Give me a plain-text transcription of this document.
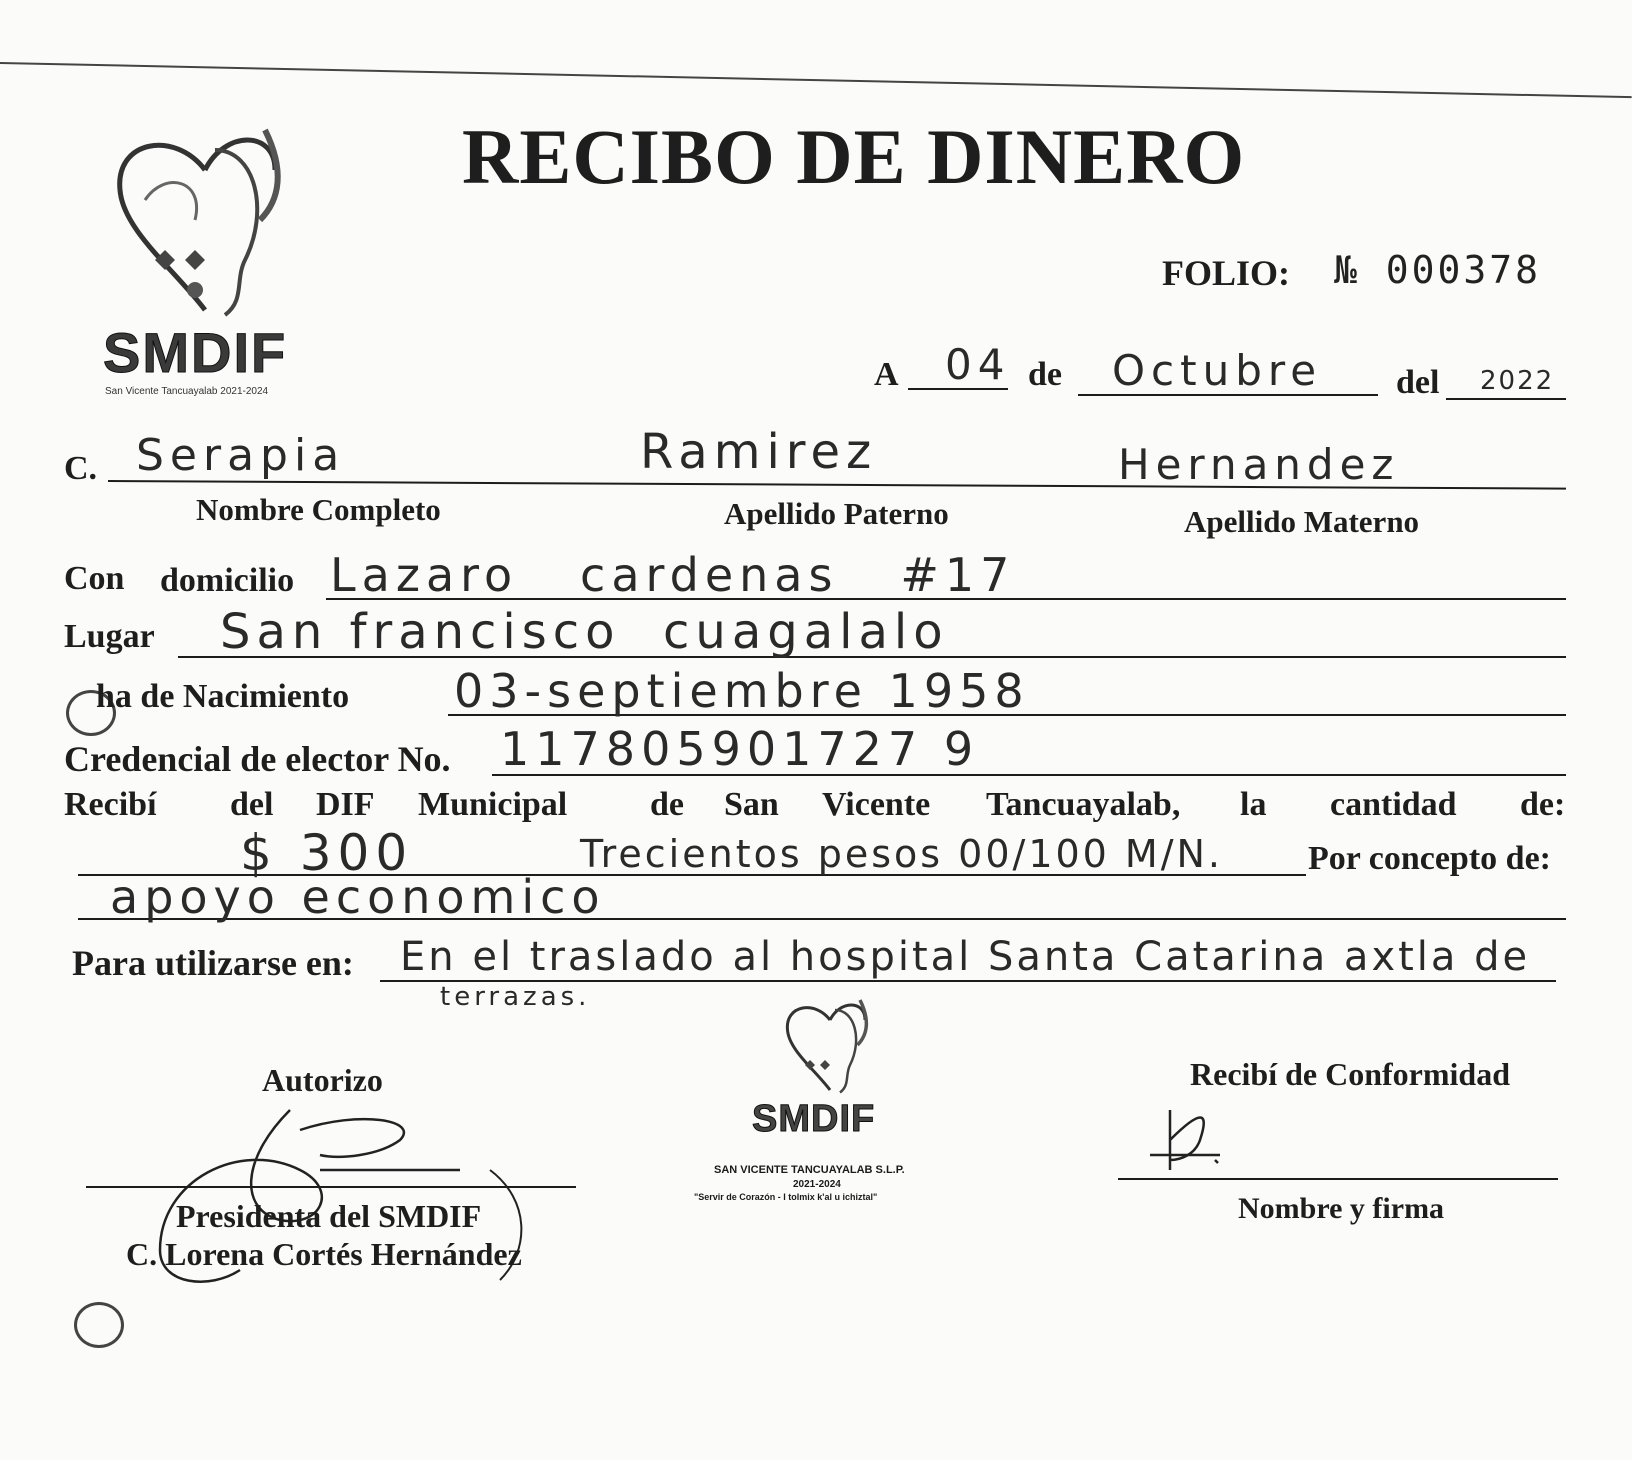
SMDIF
San Vicente Tancuayalab 2021-2024
RECIBO DE DINERO
FOLIO: № 000378
A 04 de Octubre del 2022
C. Serapia	Ramirez	Hernandez
Nombre Completo	Apellido Paterno	Apellido Materno
Con domicilio Lazaro   cardenas   #17
Lugar San francisco  cuagalalo
ha de Nacimiento 03-septiembre 1958
Credencial de elector No. 117805901727 9
Recibí del DIF Municipal de San Vicente Tancuayalab, la cantidad de:
$ 300	Trecientos pesos 00/100 M/N. Por concepto de:
apoyo economico
Para utilizarse en: En el traslado al hospital Santa Catarina axtla de
terrazas.
SMDIF
SAN VICENTE TANCUAYALAB S.L.P.
2021-2024
"Servir de Corazón - I tolmix k'al u ichiztal"
Autorizo
Presidenta del SMDIF
C. Lorena Cortés Hernández
Recibí de Conformidad
Nombre y firma
